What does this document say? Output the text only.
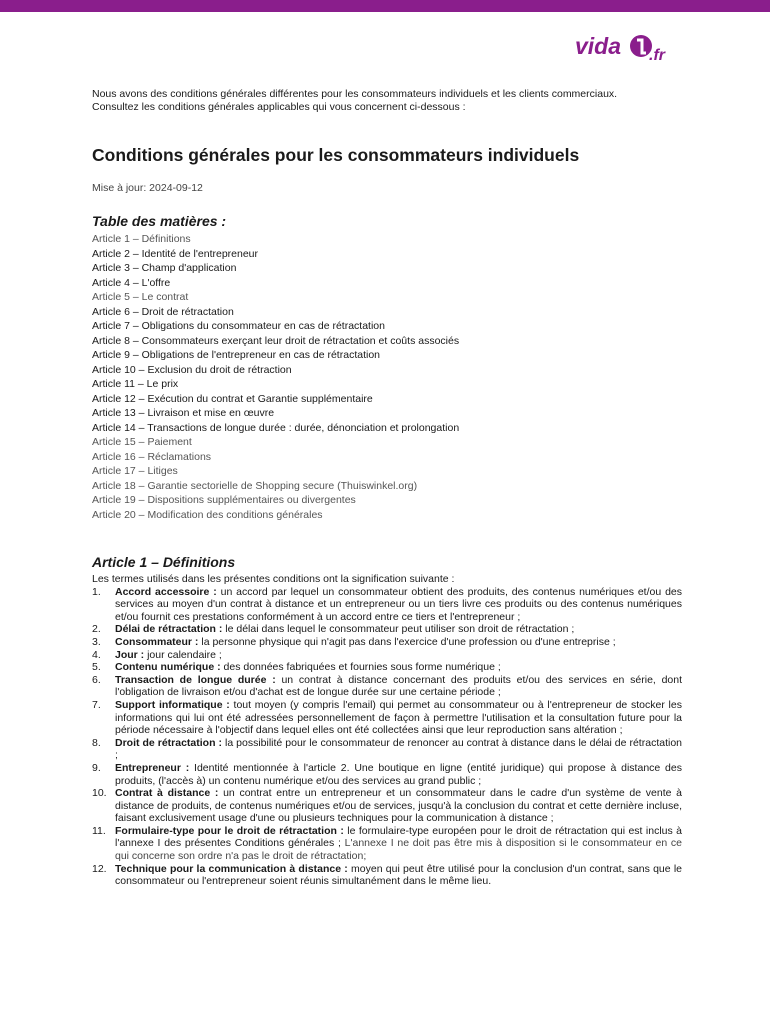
vida .fr

Nous avons des conditions générales différentes pour les consommateurs individuels et les clients commerciaux.
Consultez les conditions générales applicables qui vous concernent ci-dessous :

Conditions générales pour les consommateurs individuels

Mise à jour: 2024-09-12

Table des matières :
Article 1 – Définitions
Article 2 – Identité de l'entrepreneur
Article 3 – Champ d'application
Article 4 – L'offre
Article 5 – Le contrat
Article 6 – Droit de rétractation
Article 7 – Obligations du consommateur en cas de rétractation
Article 8 – Consommateurs exerçant leur droit de rétractation et coûts associés
Article 9 – Obligations de l'entrepreneur en cas de rétractation
Article 10 – Exclusion du droit de rétraction
Article 11 – Le prix
Article 12 – Exécution du contrat et Garantie supplémentaire
Article 13 – Livraison et mise en œuvre
Article 14 – Transactions de longue durée : durée, dénonciation et prolongation
Article 15 – Paiement
Article 16 – Réclamations
Article 17 – Litiges
Article 18 – Garantie sectorielle de Shopping secure (Thuiswinkel.org)
Article 19 – Dispositions supplémentaires ou divergentes
Article 20 – Modification des conditions générales
Article 1 – Définitions

Les termes utilisés dans les présentes conditions ont la signification suivante :

1. Accord accessoire : un accord par lequel un consommateur obtient des produits, des contenus numériques et/ou des services au moyen d'un contrat à distance et un entrepreneur ou un tiers livre ces produits ou des contenus numériques et/ou fournit ces prestations conformément à un accord entre ce tiers et l'entrepreneur ;
2. Délai de rétractation : le délai dans lequel le consommateur peut utiliser son droit de rétractation ;
3. Consommateur : la personne physique qui n'agit pas dans l'exercice d'une profession ou d'une entreprise ;
4. Jour : jour calendaire ;
5. Contenu numérique : des données fabriquées et fournies sous forme numérique ;
6. Transaction de longue durée : un contrat à distance concernant des produits et/ou des services en série, dont l'obligation de livraison et/ou d'achat est de longue durée sur une certaine période ;
7. Support informatique : tout moyen (y compris l'email) qui permet au consommateur ou à l'entrepreneur de stocker les informations qui lui ont été adressées personnellement de façon à permettre l'utilisation et la consultation future pour la période nécessaire à l'objectif dans lequel elles ont été collectées ainsi que leur reproduction sans altération ;
8. Droit de rétractation : la possibilité pour le consommateur de renoncer au contrat à distance dans le délai de rétractation ;
9. Entrepreneur : Identité mentionnée à l'article 2. Une boutique en ligne (entité juridique) qui propose à distance des produits, (l'accès à) un contenu numérique et/ou des services au grand public ;
10. Contrat à distance : un contrat entre un entrepreneur et un consommateur dans le cadre d'un système de vente à distance de produits, de contenus numériques et/ou de services, jusqu'à la conclusion du contrat et cette dernière incluse, faisant exclusivement usage d'une ou plusieurs techniques pour la communication à distance ;
11. Formulaire-type pour le droit de rétractation : le formulaire-type européen pour le droit de rétractation qui est inclus à l'annexe I des présentes Conditions générales ; L'annexe I ne doit pas être mis à disposition si le consommateur en ce qui concerne son ordre n'a pas le droit de rétractation;
12. Technique pour la communication à distance : moyen qui peut être utilisé pour la conclusion d'un contrat, sans que le consommateur ou l'entrepreneur soient réunis simultanément dans le même lieu.
